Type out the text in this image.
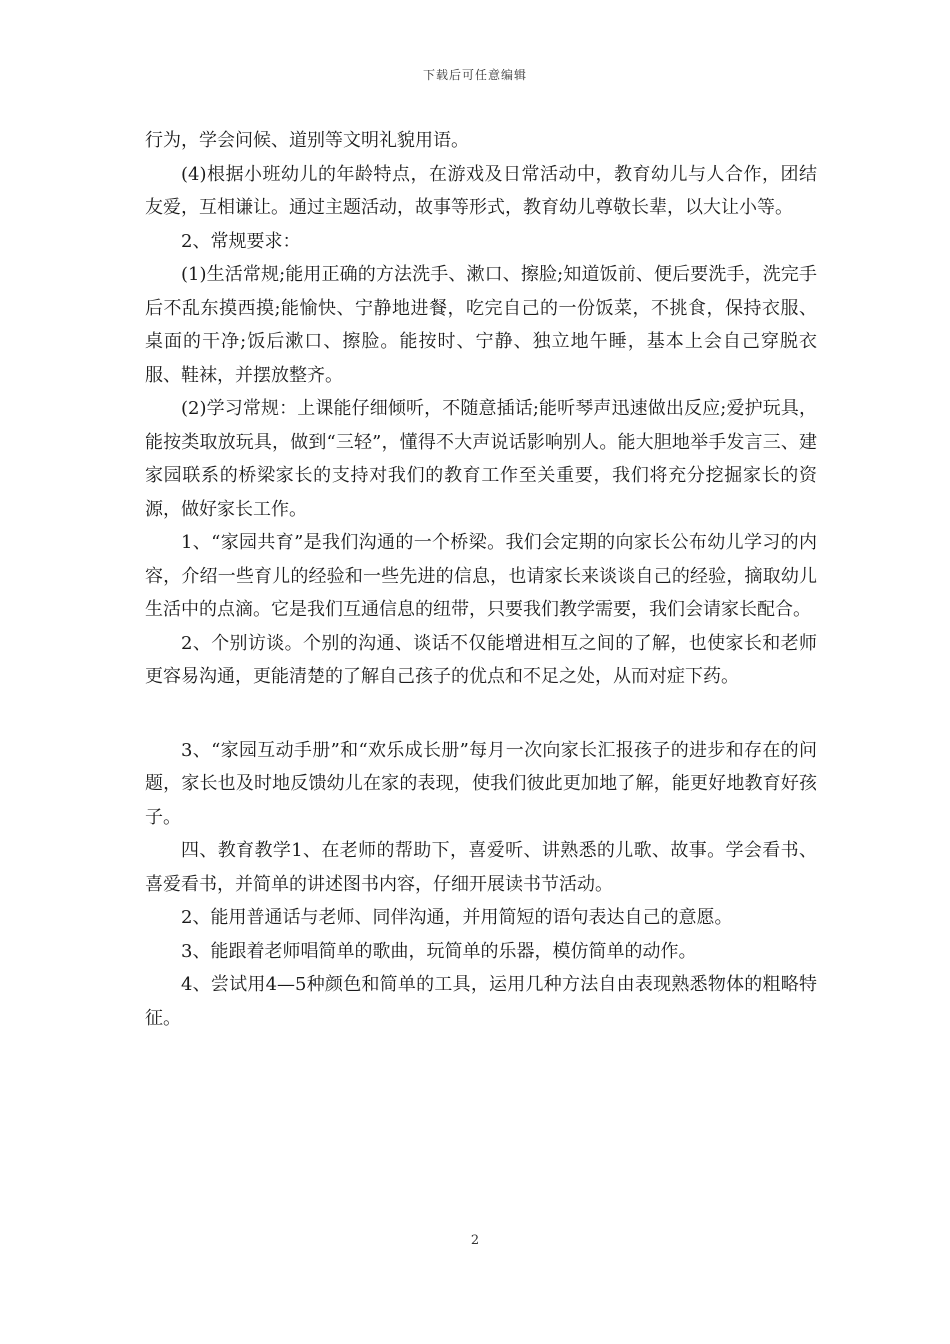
下载后可任意编辑

行为，学会问候、道别等文明礼貌用语。

(4)根据小班幼儿的年龄特点，在游戏及日常活动中，教育幼儿与人合作，团结友爱，互相谦让。通过主题活动，故事等形式，教育幼儿尊敬长辈，以大让小等。

2、常规要求：

(1)生活常规;能用正确的方法洗手、漱口、擦脸;知道饭前、便后要洗手，洗完手后不乱东摸西摸;能愉快、宁静地进餐，吃完自己的一份饭菜，不挑食，保持衣服、桌面的干净;饭后漱口、擦脸。能按时、宁静、独立地午睡，基本上会自己穿脱衣服、鞋袜，并摆放整齐。

(2)学习常规：上课能仔细倾听，不随意插话;能听琴声迅速做出反应;爱护玩具，能按类取放玩具，做到“三轻”，懂得不大声说话影响别人。能大胆地举手发言三、建家园联系的桥梁家长的支持对我们的教育工作至关重要，我们将充分挖掘家长的资源，做好家长工作。

1、“家园共育”是我们沟通的一个桥梁。我们会定期的向家长公布幼儿学习的内容，介绍一些育儿的经验和一些先进的信息，也请家长来谈谈自己的经验，摘取幼儿生活中的点滴。它是我们互通信息的纽带，只要我们教学需要，我们会请家长配合。

2、个别访谈。个别的沟通、谈话不仅能增进相互之间的了解，也使家长和老师更容易沟通，更能清楚的了解自己孩子的优点和不足之处，从而对症下药。

3、“家园互动手册”和“欢乐成长册”每月一次向家长汇报孩子的进步和存在的问题，家长也及时地反馈幼儿在家的表现，使我们彼此更加地了解，能更好地教育好孩子。

四、教育教学1、在老师的帮助下，喜爱听、讲熟悉的儿歌、故事。学会看书、喜爱看书，并简单的讲述图书内容，仔细开展读书节活动。

2、能用普通话与老师、同伴沟通，并用简短的语句表达自己的意愿。

3、能跟着老师唱简单的歌曲，玩简单的乐器，模仿简单的动作。

4、尝试用4—5种颜色和简单的工具，运用几种方法自由表现熟悉物体的粗略特征。

2
